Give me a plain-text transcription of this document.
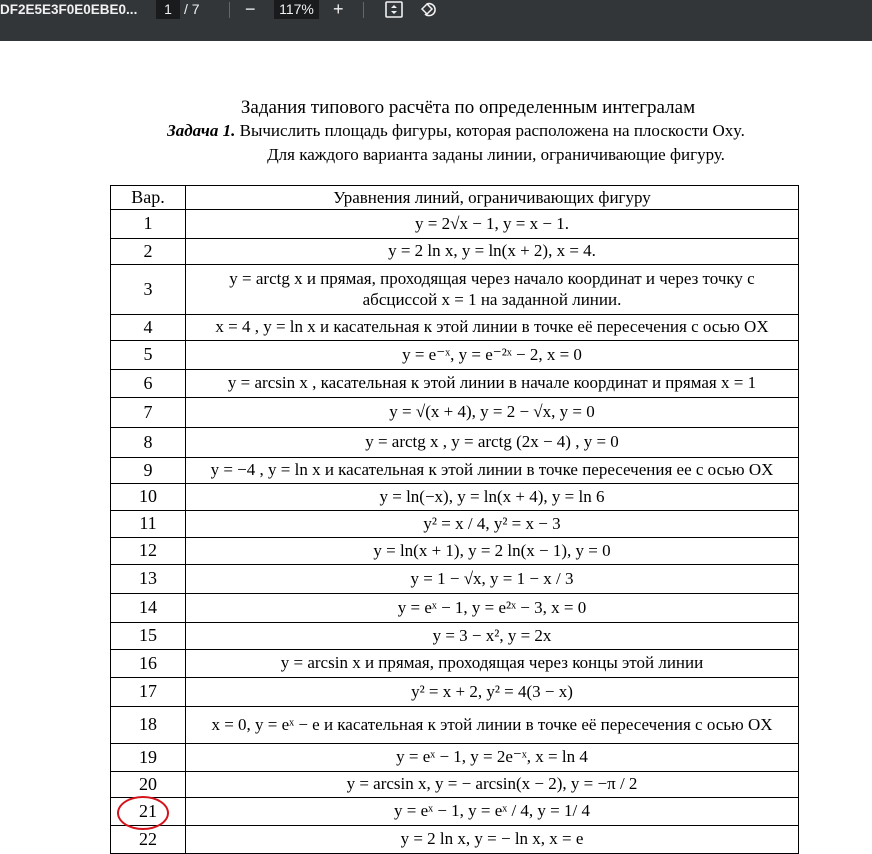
DF2E5E3F0E0EBE0...	1 / 7	−	117% +
Задания типового расчёта по определенным интегралам
Задача 1. Вычислить площадь фигуры, которая расположена на плоскости Oxy.
Для каждого варианта заданы линии, ограничивающие фигуру.
Вар.	Уравнения линий, ограничивающих фигуру
1	y = 2√x − 1, y = x − 1.
2	y = 2 ln x, y = ln(x + 2), x = 4.
3	y = arctg x и прямая, проходящая через начало координат и через точку с абсциссой x = 1 на заданной линии.
4	x = 4 , y = ln x и касательная к этой линии в точке её пересечения с осью OX
5	y = e⁻ˣ, y = e⁻²ˣ − 2, x = 0
6	y = arcsin x , касательная к этой линии в начале координат и прямая x = 1
7	y = √(x + 4), y = 2 − √x, y = 0
8	y = arctg x , y = arctg (2x − 4) , y = 0
9	y = −4 , y = ln x и касательная к этой линии в точке пересечения ее с осью OX
10	y = ln(−x), y = ln(x + 4), y = ln 6
11	y² = x / 4, y² = x − 3
12	y = ln(x + 1), y = 2 ln(x − 1), y = 0
13	y = 1 − √x, y = 1 − x / 3
14	y = eˣ − 1, y = e²ˣ − 3, x = 0
15	y = 3 − x², y = 2x
16	y = arcsin x и прямая, проходящая через концы этой линии
17	y² = x + 2, y² = 4(3 − x)
18	x = 0, y = eˣ − e и касательная к этой линии в точке её пересечения с осью OX
19	y = eˣ − 1, y = 2e⁻ˣ, x = ln 4
20	y = arcsin x, y = − arcsin(x − 2), y = −π / 2
21	y = eˣ − 1, y = eˣ / 4, y = 1/ 4
22	y = 2 ln x, y = − ln x, x = e
